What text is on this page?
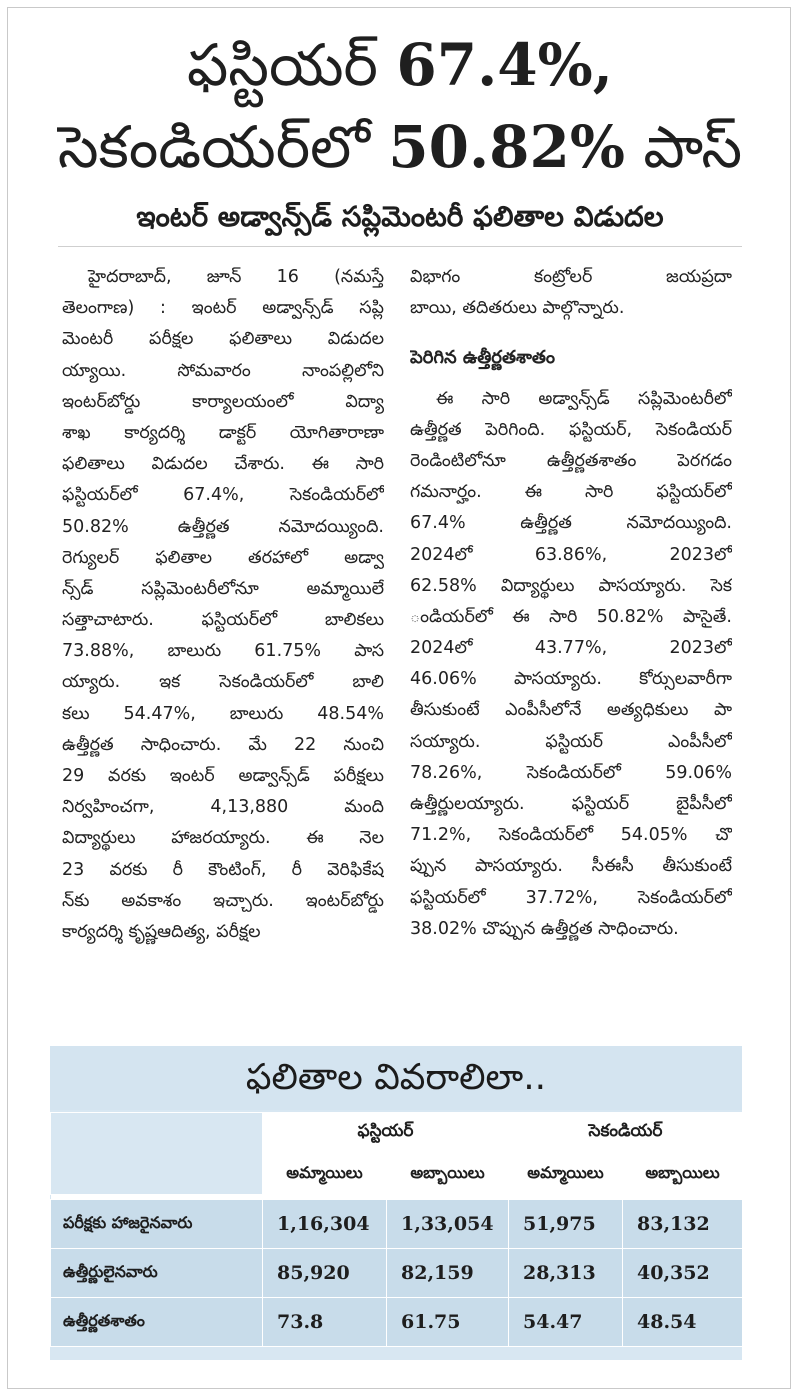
ఫస్టియర్ 67.4%,
సెకండియర్‌లో 50.82% పాస్
ఇంటర్ అడ్వాన్స్‌డ్ సప్లిమెంటరీ ఫలితాల విడుదల
హైదరాబాద్, జూన్ 16 (నమస్తే
తెలంగాణ) : ఇంటర్ అడ్వాన్స్‌డ్ సప్లి
మెంటరీ పరీక్షల ఫలితాలు విడుదల
య్యాయి. సోమవారం నాంపల్లిలోని
ఇంటర్‌బోర్డు కార్యాలయంలో విద్యా
శాఖ కార్యదర్శి డాక్టర్ యోగితారాణా
ఫలితాలు విడుదల చేశారు. ఈ సారి
ఫస్టియర్‌లో 67.4%, సెకండియర్‌లో
50.82% ఉత్తీర్ణత నమోదయ్యింది.
రెగ్యులర్ ఫలితాల తరహాలో అడ్వా
న్స్‌డ్ సప్లిమెంటరీలోనూ అమ్మాయిలే
సత్తాచాటారు. ఫస్టియర్‌లో బాలికలు
73.88%, బాలురు 61.75% పాస
య్యారు. ఇక సెకండియర్‌లో బాలి
కలు 54.47%, బాలురు 48.54%
ఉత్తీర్ణత సాధించారు. మే 22 నుంచి
29 వరకు ఇంటర్ అడ్వాన్స్‌డ్ పరీక్షలు
నిర్వహించగా, 4,13,880 మంది
విద్యార్థులు హాజరయ్యారు. ఈ నెల
23 వరకు రీ కౌంటింగ్, రీ వెరిఫికేష
న్‌కు అవకాశం ఇచ్చారు. ఇంటర్‌బోర్డు
కార్యదర్శి కృష్ణఆదిత్య, పరీక్షల
విభాగం కంట్రోలర్ జయప్రదా
బాయి, తదితరులు పాల్గొన్నారు.
పెరిగిన ఉత్తీర్ణతశాతం
ఈ సారి అడ్వాన్స్‌డ్ సప్లిమెంటరీలో
ఉత్తీర్ణత పెరిగింది. ఫస్టియర్, సెకండియర్
రెండింటిలోనూ ఉత్తీర్ణతశాతం పెరగడం
గమనార్హం. ఈ సారి ఫస్టియర్‌లో
67.4% ఉత్తీర్ణత నమోదయ్యింది.
2024లో 63.86%, 2023లో
62.58% విద్యార్థులు పాసయ్యారు. సెక
ండియర్‌లో ఈ సారి 50.82% పాసైతే.
2024లో 43.77%, 2023లో
46.06% పాసయ్యారు. కోర్సులవారీగా
తీసుకుంటే ఎంపీసీలోనే అత్యధికులు పా
సయ్యారు. ఫస్టియర్ ఎంపీసీలో
78.26%, సెకండియర్‌లో 59.06%
ఉత్తీర్ణులయ్యారు. ఫస్టియర్ బైపీసీలో
71.2%, సెకండియర్‌లో 54.05% చొ
ప్పున పాసయ్యారు. సీఈసీ తీసుకుంటే
ఫస్టియర్‌లో 37.72%, సెకండియర్‌లో
38.02% చొప్పున ఉత్తీర్ణత సాధించారు.
ఫలితాల వివరాలిలా..
	ఫస్టియర్		సెకండియర్	
	అమ్మాయిలు	అబ్బాయిలు	అమ్మాయిలు	అబ్బాయిలు

పరీక్షకు హాజరైనవారు	1,16,304	1,33,054	51,975	83,132
ఉత్తీర్ణులైనవారు	85,920	82,159	28,313	40,352
ఉత్తీర్ణతశాతం	73.8	61.75	54.47	48.54
